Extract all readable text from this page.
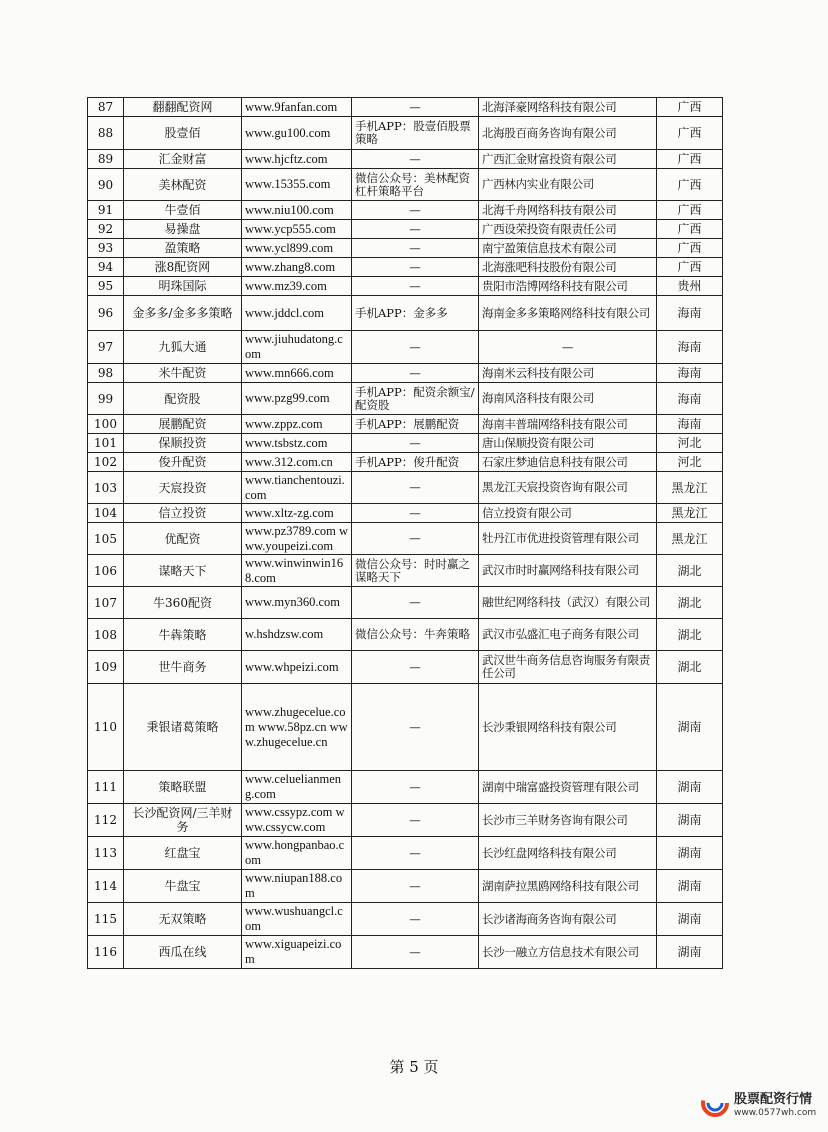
87	翻翻配资网	www.9fanfan.com	—	北海泽豪网络科技有限公司	广西
88	股壹佰	www.gu100.com	手机APP：股壹佰股票策略	北海股百商务咨询有限公司	广西
89	汇金财富	www.hjcftz.com	—	广西汇金财富投资有限公司	广西
90	美林配资	www.15355.com	微信公众号：美林配资杠杆策略平台	广西林内实业有限公司	广西
91	牛壹佰	www.niu100.com	—	北海千舟网络科技有限公司	广西
92	易操盘	www.ycp555.com	—	广西设荣投资有限责任公司	广西
93	盈策略	www.ycl899.com	—	南宁盈策信息技术有限公司	广西
94	涨8配资网	www.zhang8.com	—	北海涨吧科技股份有限公司	广西
95	明珠国际	www.mz39.com	—	贵阳市浩博网络科技有限公司	贵州
96	金多多/金多多策略	www.jddcl.com	手机APP：金多多	海南金多多策略网络科技有限公司	海南
97	九狐大通	www.jiuhudatong.com	—	—	海南
98	米牛配资	www.mn666.com	—	海南米云科技有限公司	海南
99	配资股	www.pzg99.com	手机APP：配资余额宝/配资股	海南风洛科技有限公司	海南
100	展鹏配资	www.zppz.com	手机APP：展鹏配资	海南丰普瑞网络科技有限公司	海南
101	保顺投资	www.tsbstz.com	—	唐山保顺投资有限公司	河北
102	俊升配资	www.312.com.cn	手机APP：俊升配资	石家庄梦迪信息科技有限公司	河北
103	天宸投资	www.tianchentouzi.com	—	黑龙江天宸投资咨询有限公司	黑龙江
104	信立投资	www.xltz-zg.com	—	信立投资有限公司	黑龙江
105	优配资	www.pz3789.com www.youpeizi.com	—	牡丹江市优进投资管理有限公司	黑龙江
106	谋略天下	www.winwinwin168.com	微信公众号：时时赢之谋略天下	武汉市时时赢网络科技有限公司	湖北
107	牛360配资	www.myn360.com	—	融世纪网络科技（武汉）有限公司	湖北
108	牛犇策略	w.hshdzsw.com	微信公众号：牛奔策略	武汉市弘盛汇电子商务有限公司	湖北
109	世牛商务	www.whpeizi.com	—	武汉世牛商务信息咨询服务有限责任公司	湖北
110	秉银诸葛策略	www.zhugecelue.com www.58pz.cn www.zhugecelue.cn	—	长沙秉银网络科技有限公司	湖南
111	策略联盟	www.celuelianmeng.com	—	湖南中瑞富盛投资管理有限公司	湖南
112	长沙配资网/三羊财务	www.cssypz.com www.cssycw.com	—	长沙市三羊财务咨询有限公司	湖南
113	红盘宝	www.hongpanbao.com	—	长沙红盘网络科技有限公司	湖南
114	牛盘宝	www.niupan188.com	—	湖南萨拉黑鸥网络科技有限公司	湖南
115	无双策略	www.wushuangcl.com	—	长沙诸海商务咨询有限公司	湖南
116	西瓜在线	www.xiguapeizi.com	—	长沙一融立方信息技术有限公司	湖南
第 5 页
股票配资行情
www.0577wh.com
